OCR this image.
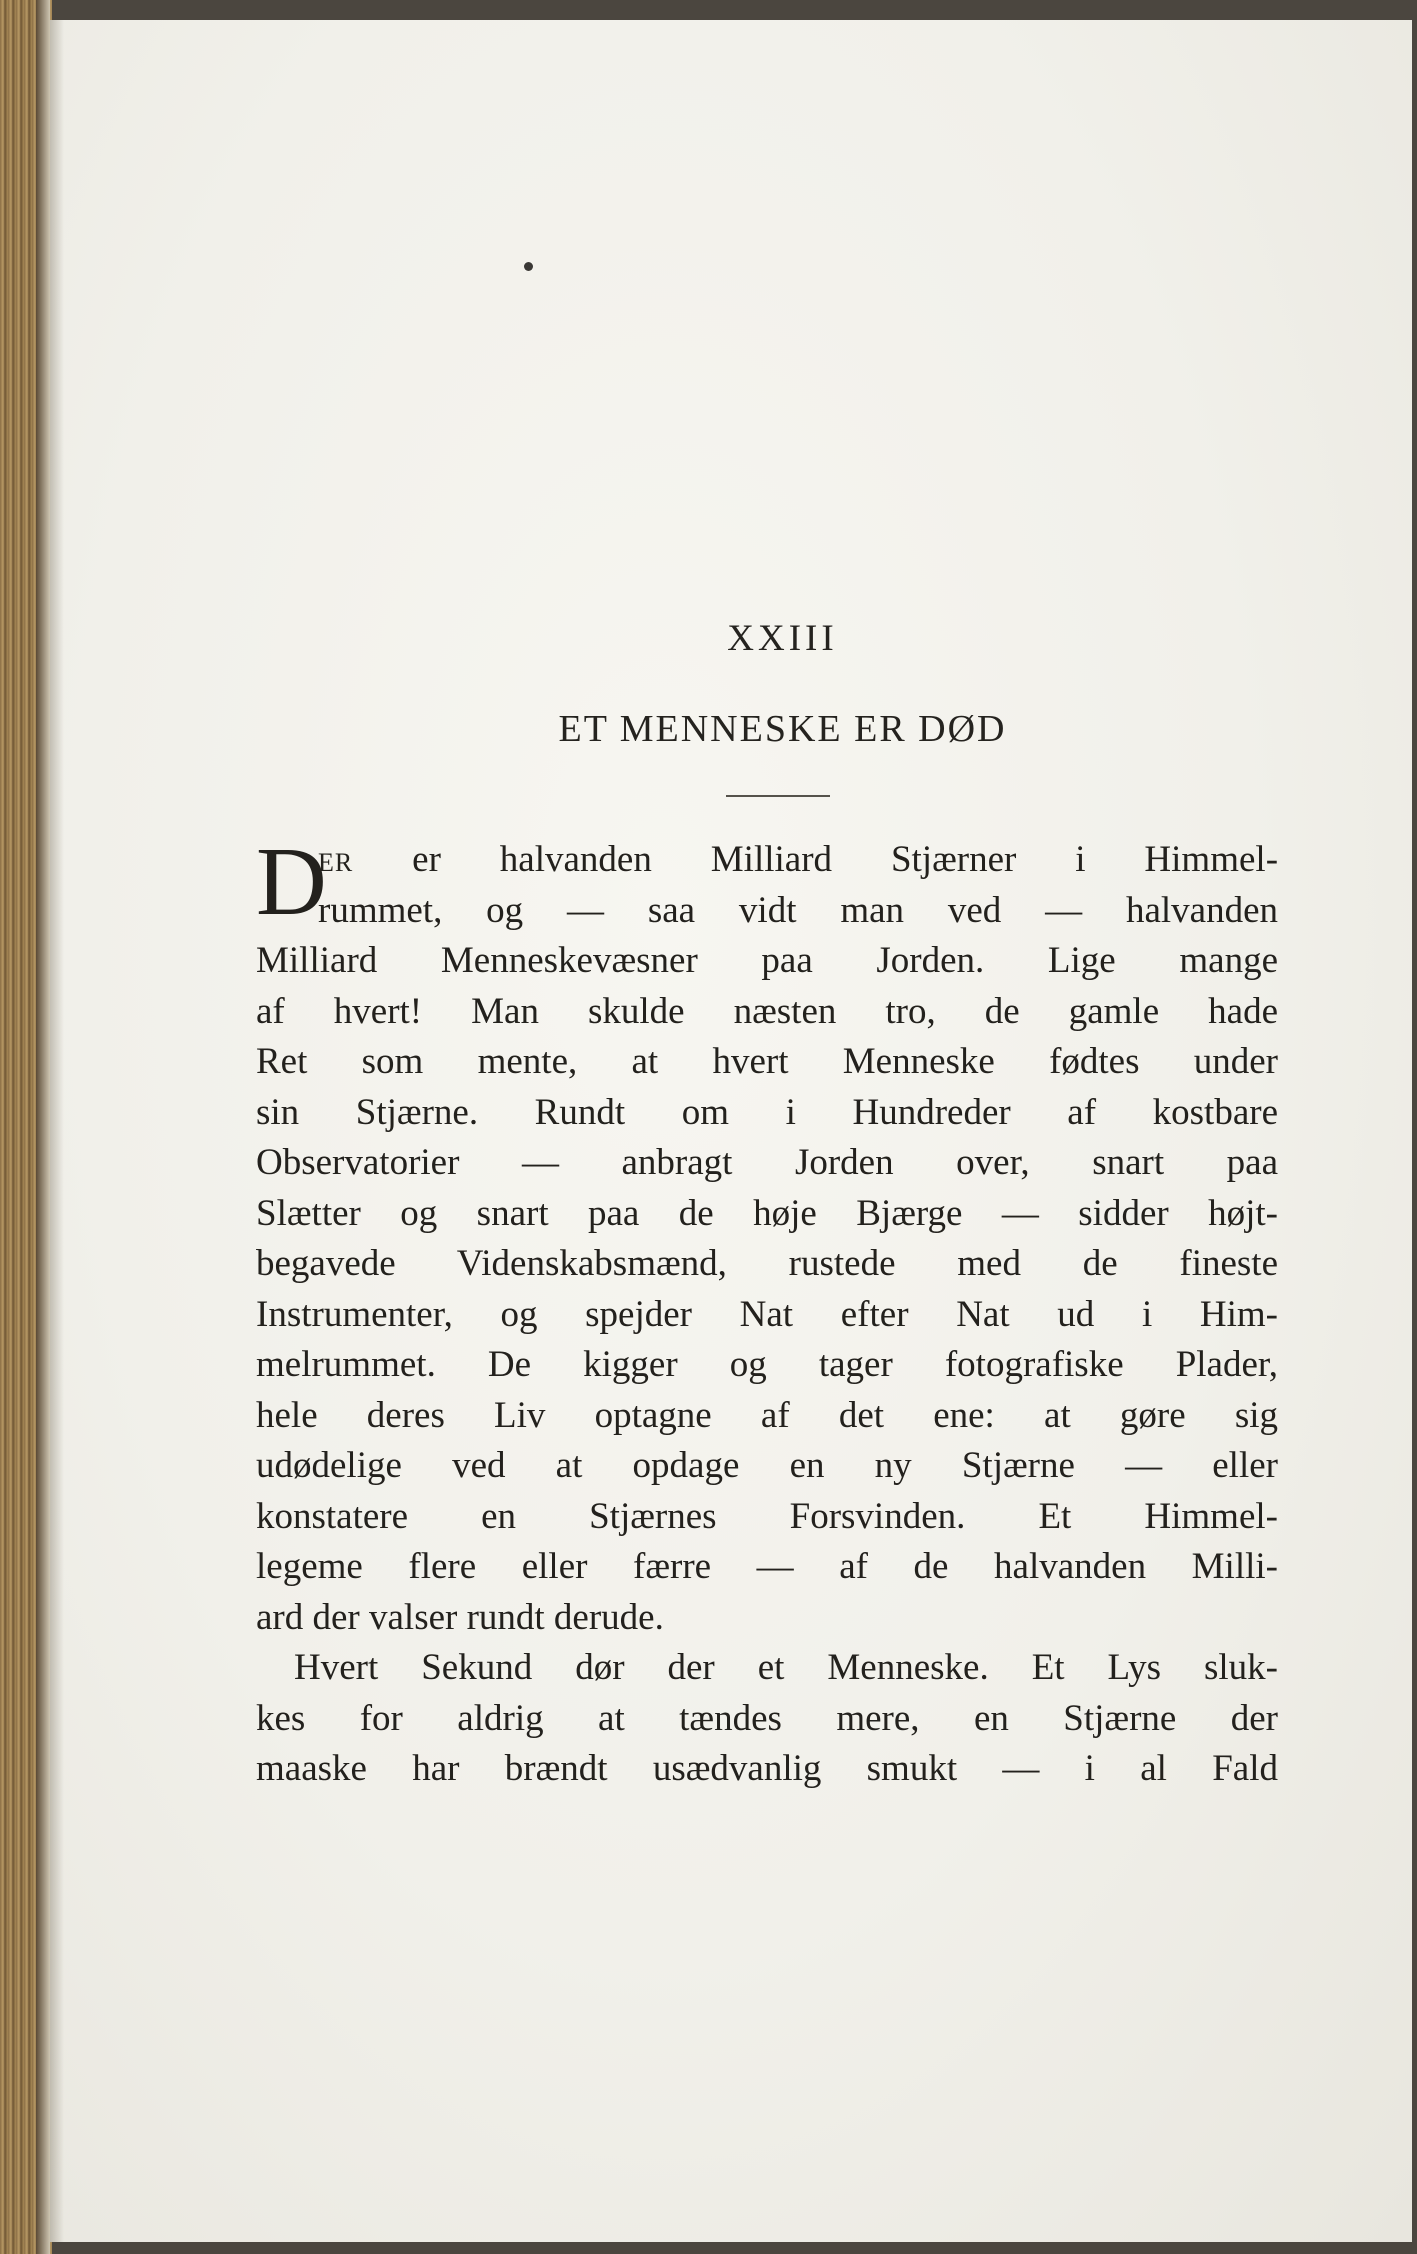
XXIII
ET MENNESKE ER DØD
D
ER er halvanden Milliard Stjærner i Himmel-
rummet, og — saa vidt man ved — halvanden
Milliard Menneskevæsner paa Jorden. Lige mange
af hvert! Man skulde næsten tro, de gamle hade
Ret som mente, at hvert Menneske fødtes under
sin Stjærne. Rundt om i Hundreder af kostbare
Observatorier — anbragt Jorden over, snart paa
Slætter og snart paa de høje Bjærge — sidder højt-
begavede Videnskabsmænd, rustede med de fineste
Instrumenter, og spejder Nat efter Nat ud i Him-
melrummet. De kigger og tager fotografiske Plader,
hele deres Liv optagne af det ene: at gøre sig
udødelige ved at opdage en ny Stjærne — eller
konstatere en Stjærnes Forsvinden. Et Himmel-
legeme flere eller færre — af de halvanden Milli-
ard der valser rundt derude.
Hvert Sekund dør der et Menneske. Et Lys sluk-
kes for aldrig at tændes mere, en Stjærne der
maaske har brændt usædvanlig smukt — i al Fald
